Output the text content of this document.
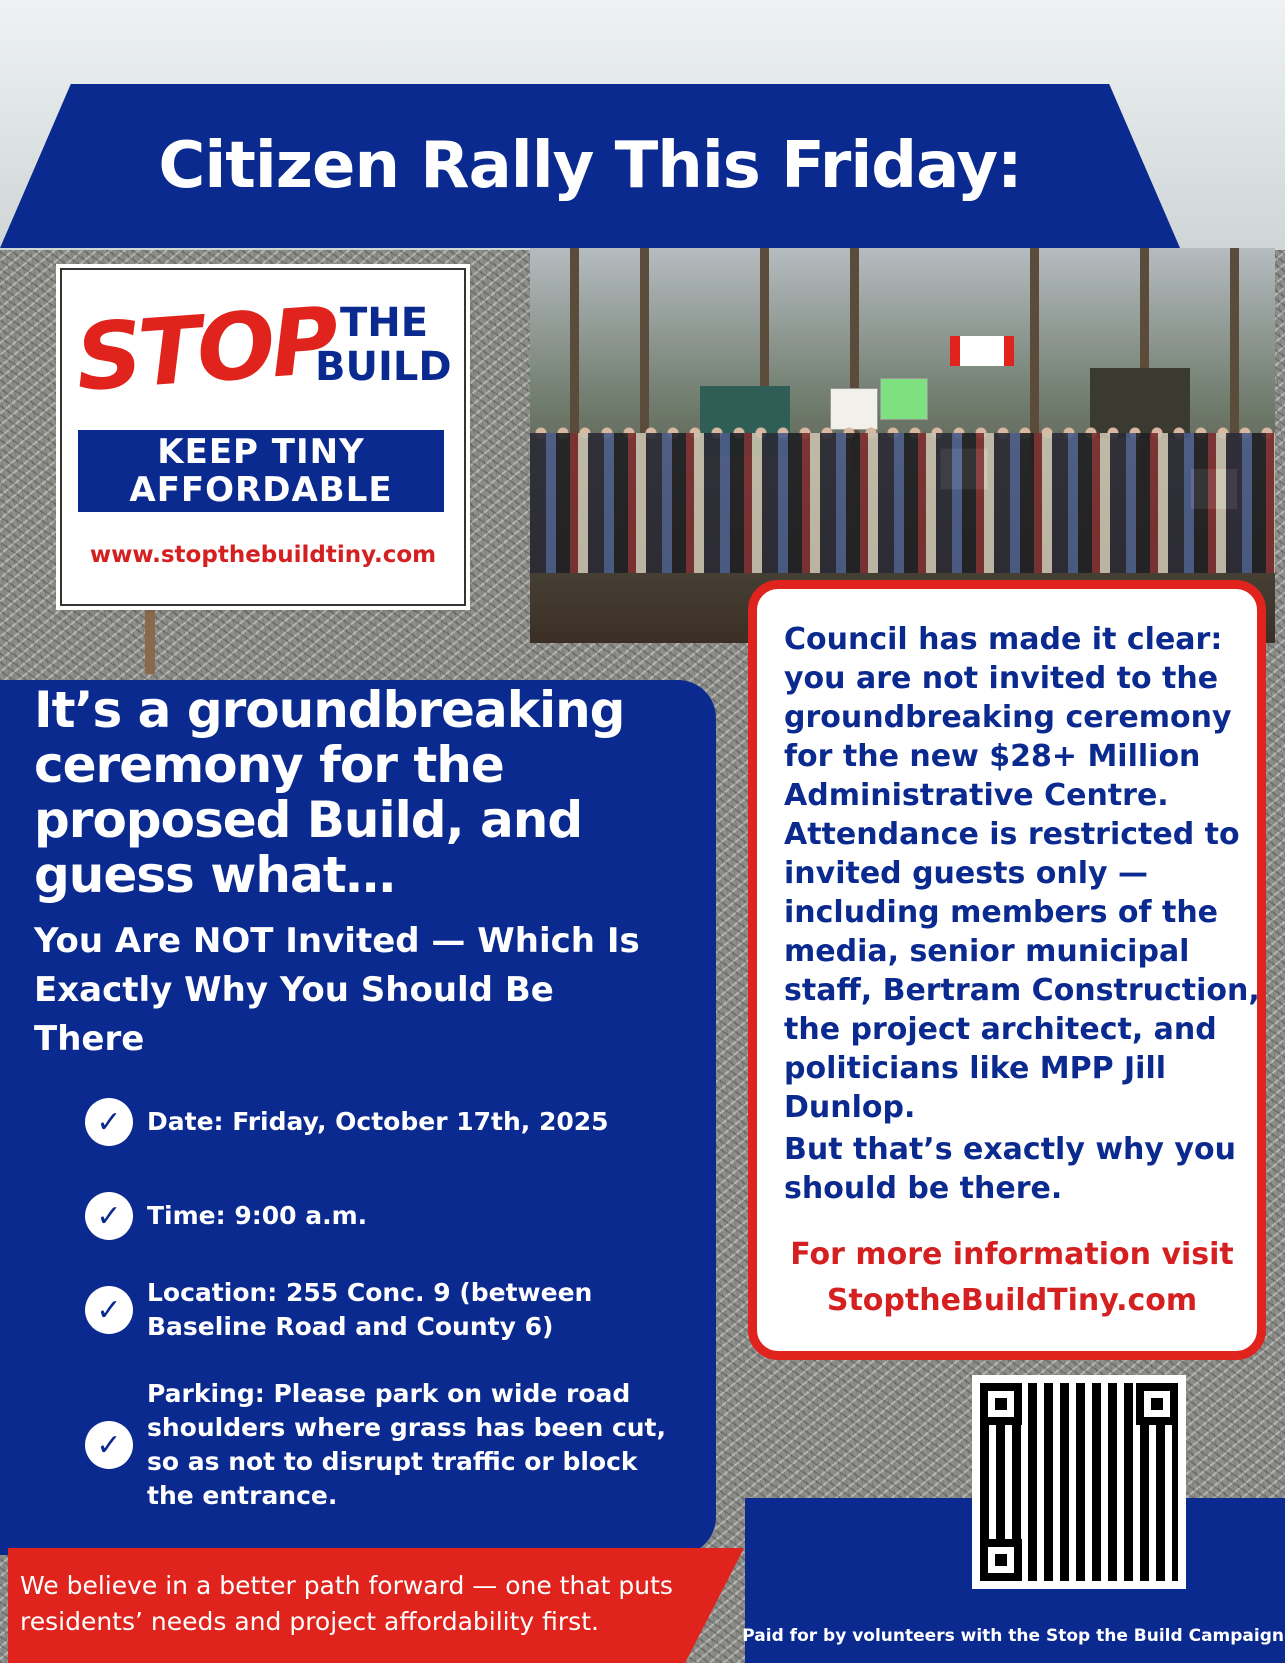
Citizen Rally This Friday:
STOP THE
BUILD
KEEP TINY
AFFORDABLE
www.stopthebuildtiny.com
It’s a groundbreaking ceremony for the proposed Build, and guess what…
You Are NOT Invited — Which Is Exactly Why You Should Be There
✓	Date: Friday, October 17th, 2025
✓	Time: 9:00 a.m.
✓	Location: 255 Conc. 9 (between Baseline Road and County 6)
✓
Parking: Please park on wide road shoulders where grass has been cut, so as not to disrupt traffic or block the entrance.
Council has made it clear: you are not invited to the groundbreaking ceremony for the new $28+ Million Administrative Centre. Attendance is restricted to invited guests only — including members of the media, senior municipal staff, Bertram Construction, the project architect, and politicians like MPP Jill Dunlop.
But that’s exactly why you should be there.
For more information visit
StoptheBuildTiny.com
We believe in a better path forward — one that puts residents’ needs and project affordability first.	Paid for by volunteers with the Stop the Build Campaign
